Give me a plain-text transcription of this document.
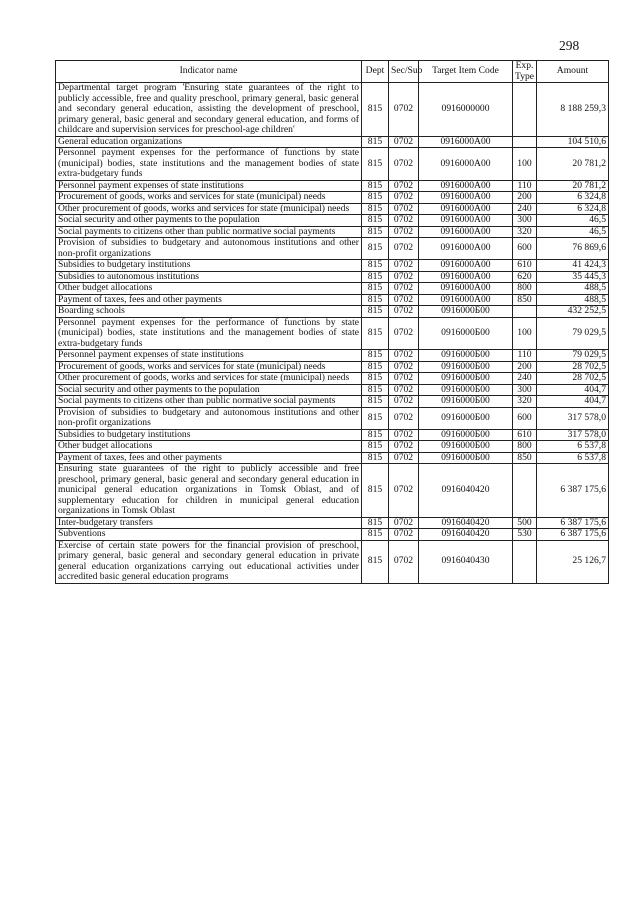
298
Indicator name	Dept	Sec/Sub	Target Item Code	Exp. Type	Amount
Departmental target program 'Ensuring state guarantees of the right to publicly accessible, free and quality preschool, primary general, basic general and secondary general education, assisting the development of preschool, primary general, basic general and secondary general education, and forms of childcare and supervision services for preschool-age children'	815	0702	0916000000		8 188 259,3
General education organizations	815	0702	0916000А00		104 510,6
Personnel payment expenses for the performance of functions by state (municipal) bodies, state institutions and the management bodies of state extra-budgetary funds	815	0702	0916000А00	100	20 781,2
Personnel payment expenses of state institutions	815	0702	0916000А00	110	20 781,2
Procurement of goods, works and services for state (municipal) needs	815	0702	0916000А00	200	6 324,8
Other procurement of goods, works and services for state (municipal) needs	815	0702	0916000А00	240	6 324,8
Social security and other payments to the population	815	0702	0916000А00	300	46,5
Social payments to citizens other than public normative social payments	815	0702	0916000А00	320	46,5
Provision of subsidies to budgetary and autonomous institutions and other non-profit organizations	815	0702	0916000А00	600	76 869,6
Subsidies to budgetary institutions	815	0702	0916000А00	610	41 424,3
Subsidies to autonomous institutions	815	0702	0916000А00	620	35 445,3
Other budget allocations	815	0702	0916000А00	800	488,5
Payment of taxes, fees and other payments	815	0702	0916000А00	850	488,5
Boarding schools	815	0702	0916000Б00		432 252,5
Personnel payment expenses for the performance of functions by state (municipal) bodies, state institutions and the management bodies of state extra-budgetary funds	815	0702	0916000Б00	100	79 029,5
Personnel payment expenses of state institutions	815	0702	0916000Б00	110	79 029,5
Procurement of goods, works and services for state (municipal) needs	815	0702	0916000Б00	200	28 702,5
Other procurement of goods, works and services for state (municipal) needs	815	0702	0916000Б00	240	28 702,5
Social security and other payments to the population	815	0702	0916000Б00	300	404,7
Social payments to citizens other than public normative social payments	815	0702	0916000Б00	320	404,7
Provision of subsidies to budgetary and autonomous institutions and other non-profit organizations	815	0702	0916000Б00	600	317 578,0
Subsidies to budgetary institutions	815	0702	0916000Б00	610	317 578,0
Other budget allocations	815	0702	0916000Б00	800	6 537,8
Payment of taxes, fees and other payments	815	0702	0916000Б00	850	6 537,8
Ensuring state guarantees of the right to publicly accessible and free preschool, primary general, basic general and secondary general education in municipal general education organizations in Tomsk Oblast, and of supplementary education for children in municipal general education organizations in Tomsk Oblast	815	0702	0916040420		6 387 175,6
Inter-budgetary transfers	815	0702	0916040420	500	6 387 175,6
Subventions	815	0702	0916040420	530	6 387 175,6
Exercise of certain state powers for the financial provision of preschool, primary general, basic general and secondary general education in private general education organizations carrying out educational activities under accredited basic general education programs	815	0702	0916040430		25 126,7
